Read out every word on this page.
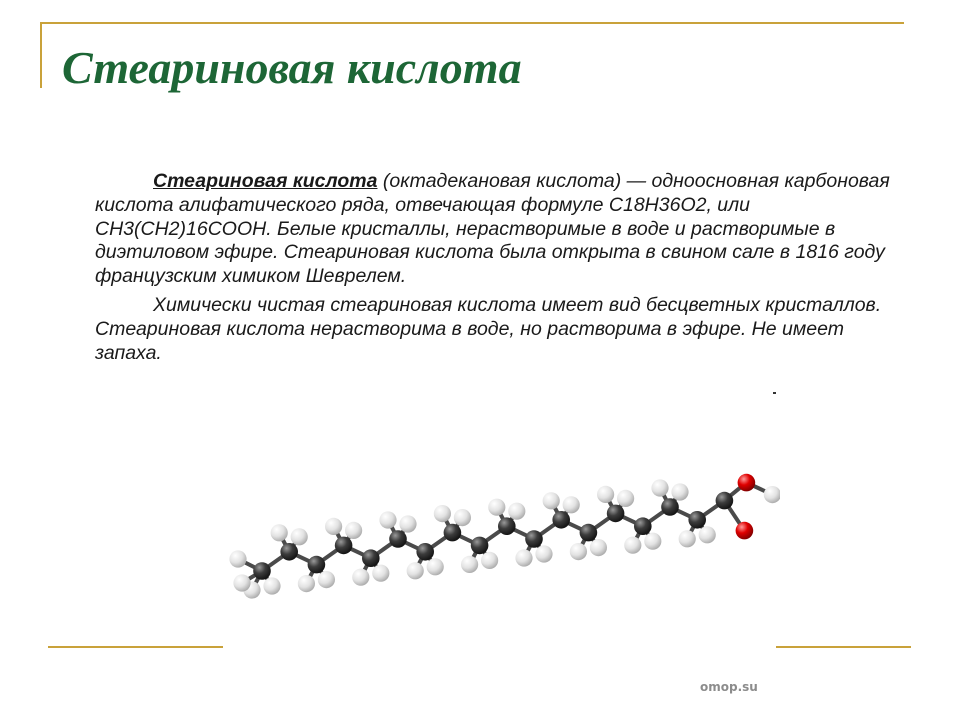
Стеариновая кислота

Стеариновая кислота (октадекановая кислота) — одноосновная карбоновая кислота алифатического ряда, отвечающая формуле C18H36O2, или CH3(CH2)16COOH. Белые кристаллы, нерастворимые в воде и растворимые в диэтиловом эфире. Стеариновая кислота была открыта в свином сале в 1816 году французским химиком Шеврелем.

Химически чистая стеариновая кислота имеет вид бесцветных кристаллов. Стеариновая кислота нерастворима в воде, но растворима в эфире. Не имеет запаха.

omop.su
